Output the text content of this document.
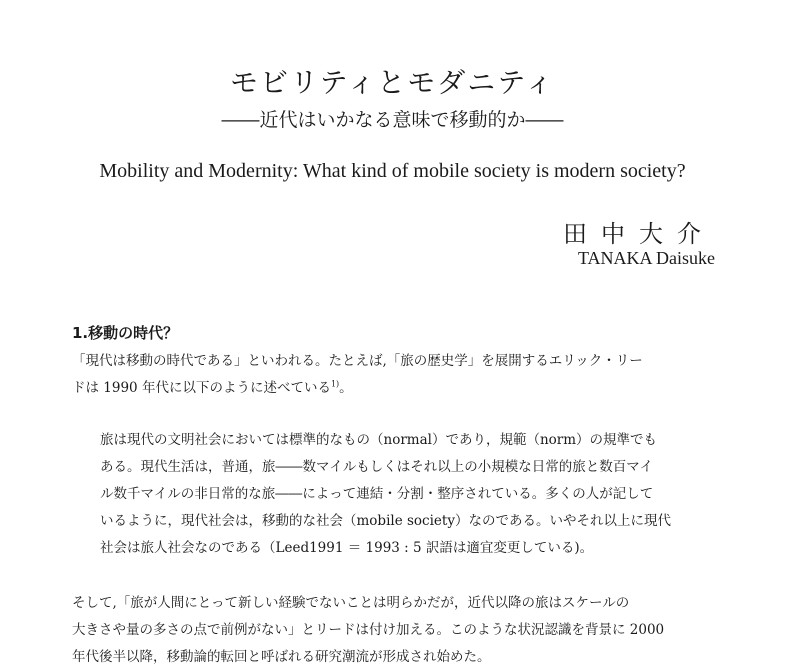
モビリティとモダニティ
――近代はいかなる意味で移動的か――
Mobility and Modernity: What kind of mobile society is modern society?
田中大介
TANAKA Daisuke
1.移動の時代？
「現代は移動の時代である」といわれる。たとえば,「旅の歴史学」を展開するエリック・リー
ドは 1990 年代に以下のように述べている$^{1)}$。
旅は現代の文明社会においては標準的なもの（normal）であり，規範（norm）の規準でも
ある。現代生活は，普通，旅――数マイルもしくはそれ以上の小規模な日常的旅と数百マイ
ル数千マイルの非日常的な旅――によって連結・分割・整序されている。多くの人が記して
いるように，現代社会は，移動的な社会（mobile society）なのである。いやそれ以上に現代
社会は旅人社会なのである（Leed1991 ＝ 1993 : 5 訳語は適宜変更している)。
そして,「旅が人間にとって新しい経験でないことは明らかだが，近代以降の旅はスケールの
大きさや量の多さの点で前例がない」とリードは付け加える。このような状況認識を背景に 2000
年代後半以降，移動論的転回と呼ばれる研究潮流が形成され始めた。
